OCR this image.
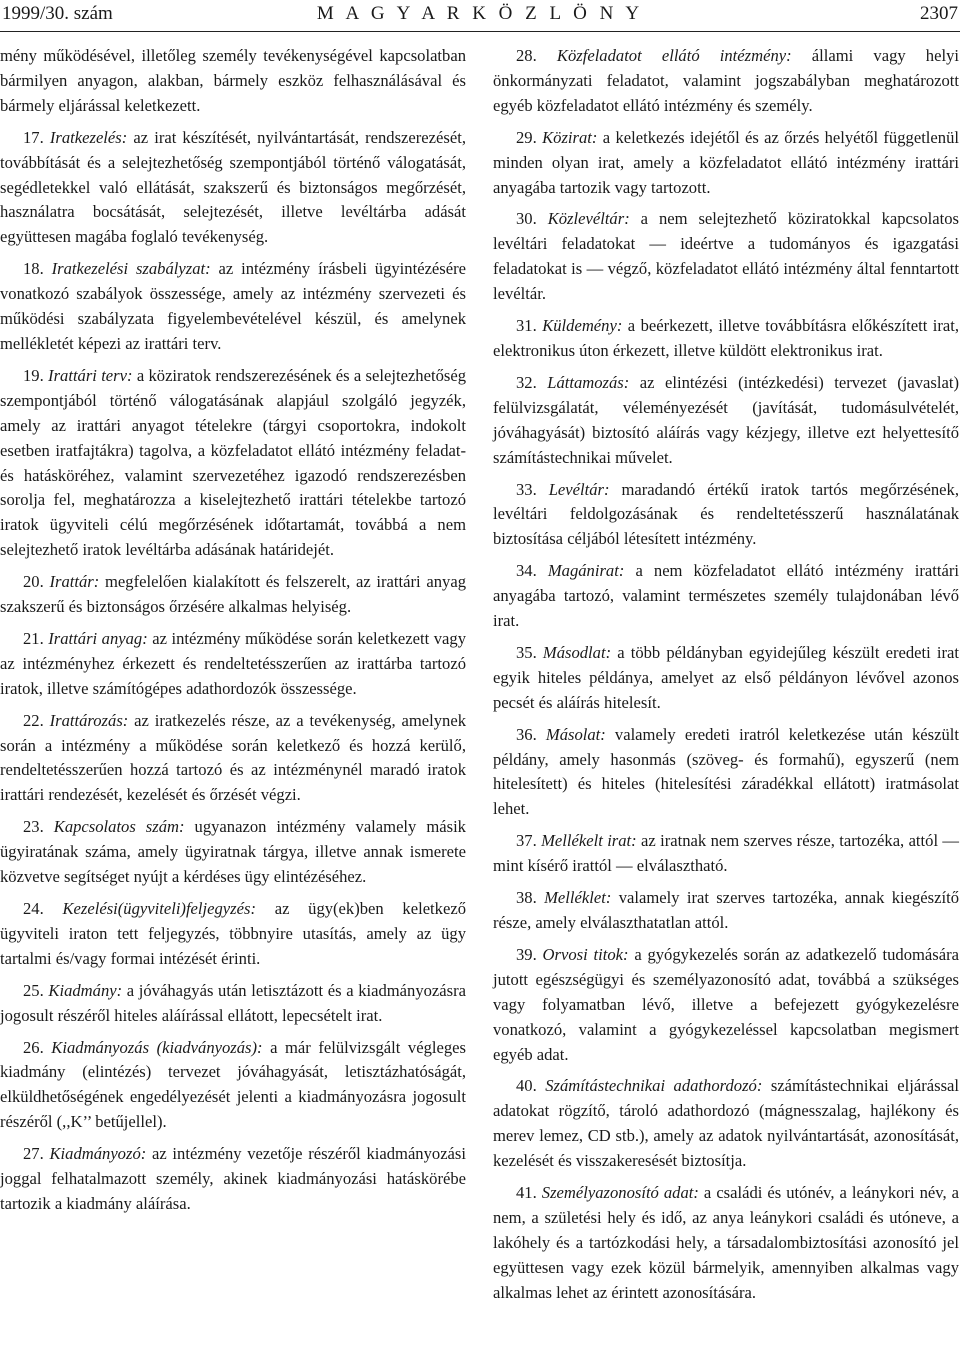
1999/30. szám	M A G Y A R K Ö Z L Ö N Y	2307

mény működésével, illetőleg személy tevékenységével kapcsolatban bármilyen anyagon, alakban, bármely eszköz felhasználásával és bármely eljárással keletkezett.

17. Iratkezelés: az irat készítését, nyilvántartását, rendszerezését, továbbítását és a selejtezhetőség szempontjából történő válogatását, segédletekkel való ellátását, szakszerű és biztonságos megőrzését, használatra bocsátását, selejtezését, illetve levéltárba adását együttesen magába foglaló tevékenység.

18. Iratkezelési szabályzat: az intézmény írásbeli ügyintézésére vonatkozó szabályok összessége, amely az intézmény szervezeti és működési szabályzata figyelembevételével készül, és amelynek mellékletét képezi az irattári terv.

19. Irattári terv: a köziratok rendszerezésének és a selejtezhetőség szempontjából történő válogatásának alapjául szolgáló jegyzék, amely az irattári anyagot tételekre (tárgyi csoportokra, indokolt esetben iratfajtákra) tagolva, a közfeladatot ellátó intézmény feladat- és hatásköréhez, valamint szervezetéhez igazodó rendszerezésben sorolja fel, meghatározza a kiselejtezhető irattári tételekbe tartozó iratok ügyviteli célú megőrzésének időtartamát, továbbá a nem selejtezhető iratok levéltárba adásának határidejét.

20. Irattár: megfelelően kialakított és felszerelt, az irattári anyag szakszerű és biztonságos őrzésére alkalmas helyiség.

21. Irattári anyag: az intézmény működése során keletkezett vagy az intézményhez érkezett és rendeltetésszerűen az irattárba tartozó iratok, illetve számítógépes adathordozók összessége.

22. Irattározás: az iratkezelés része, az a tevékenység, amelynek során a intézmény a működése során keletkező és hozzá kerülő, rendeltetésszerűen hozzá tartozó és az intézménynél maradó iratok irattári rendezését, kezelését és őrzését végzi.

23. Kapcsolatos szám: ugyanazon intézmény valamely másik ügyiratának száma, amely ügyiratnak tárgya, illetve annak ismerete közvetve segítséget nyújt a kérdéses ügy elintézéséhez.

24. Kezelési(ügyviteli)feljegyzés: az ügy(ek)ben keletkező ügyviteli iraton tett feljegyzés, többnyire utasítás, amely az ügy tartalmi és/vagy formai intézését érinti.

25. Kiadmány: a jóváhagyás után letisztázott és a kiadmányozásra jogosult részéről hiteles aláírással ellátott, lepecsételt irat.

26. Kiadmányozás (kiadványozás): a már felülvizsgált végleges kiadmány (elintézés) tervezet jóváhagyását, letisztázhatóságát, elküldhetőségének engedélyezését jelenti a kiadmányozásra jogosult részéről (,,K’’ betűjellel).

27. Kiadmányozó: az intézmény vezetője részéről kiadmányozási joggal felhatalmazott személy, akinek kiadmányozási hatáskörébe tartozik a kiadmány aláírása.

28. Közfeladatot ellátó intézmény: állami vagy helyi önkormányzati feladatot, valamint jogszabályban meghatározott egyéb közfeladatot ellátó intézmény és személy.

29. Közirat: a keletkezés idejétől és az őrzés helyétől függetlenül minden olyan irat, amely a közfeladatot ellátó intézmény irattári anyagába tartozik vagy tartozott.

30. Közlevéltár: a nem selejtezhető köziratokkal kapcsolatos levéltári feladatokat — ideértve a tudományos és igazgatási feladatokat is — végző, közfeladatot ellátó intézmény által fenntartott levéltár.

31. Küldemény: a beérkezett, illetve továbbításra előkészített irat, elektronikus úton érkezett, illetve küldött elektronikus irat.

32. Láttamozás: az elintézési (intézkedési) tervezet (javaslat) felülvizsgálatát, véleményezését (javítását, tudomásulvételét, jóváhagyását) biztosító aláírás vagy kézjegy, illetve ezt helyettesítő számítástechnikai művelet.

33. Levéltár: maradandó értékű iratok tartós megőrzésének, levéltári feldolgozásának és rendeltetésszerű használatának biztosítása céljából létesített intézmény.

34. Magánirat: a nem közfeladatot ellátó intézmény irattári anyagába tartozó, valamint természetes személy tulajdonában lévő irat.

35. Másodlat: a több példányban egyidejűleg készült eredeti irat egyik hiteles példánya, amelyet az első példányon lévővel azonos pecsét és aláírás hitelesít.

36. Másolat: valamely eredeti iratról keletkezése után készült példány, amely hasonmás (szöveg- és formahű), egyszerű (nem hitelesített) és hiteles (hitelesítési záradékkal ellátott) iratmásolat lehet.

37. Mellékelt irat: az iratnak nem szerves része, tartozéka, attól — mint kísérő irattól — elválasztható.

38. Melléklet: valamely irat szerves tartozéka, annak kiegészítő része, amely elválaszthatatlan attól.

39. Orvosi titok: a gyógykezelés során az adatkezelő tudomására jutott egészségügyi és személyazonosító adat, továbbá a szükséges vagy folyamatban lévő, illetve a befejezett gyógykezelésre vonatkozó, valamint a gyógykezeléssel kapcsolatban megismert egyéb adat.

40. Számítástechnikai adathordozó: számítástechnikai eljárással adatokat rögzítő, tároló adathordozó (mágnesszalag, hajlékony és merev lemez, CD stb.), amely az adatok nyilvántartását, azonosítását, kezelését és visszakeresését biztosítja.

41. Személyazonosító adat: a családi és utónév, a leánykori név, a nem, a születési hely és idő, az anya leánykori családi és utóneve, a lakóhely és a tartózkodási hely, a társadalombiztosítási azonosító jel együttesen vagy ezek közül bármelyik, amennyiben alkalmas vagy alkalmas lehet az érintett azonosítására.
